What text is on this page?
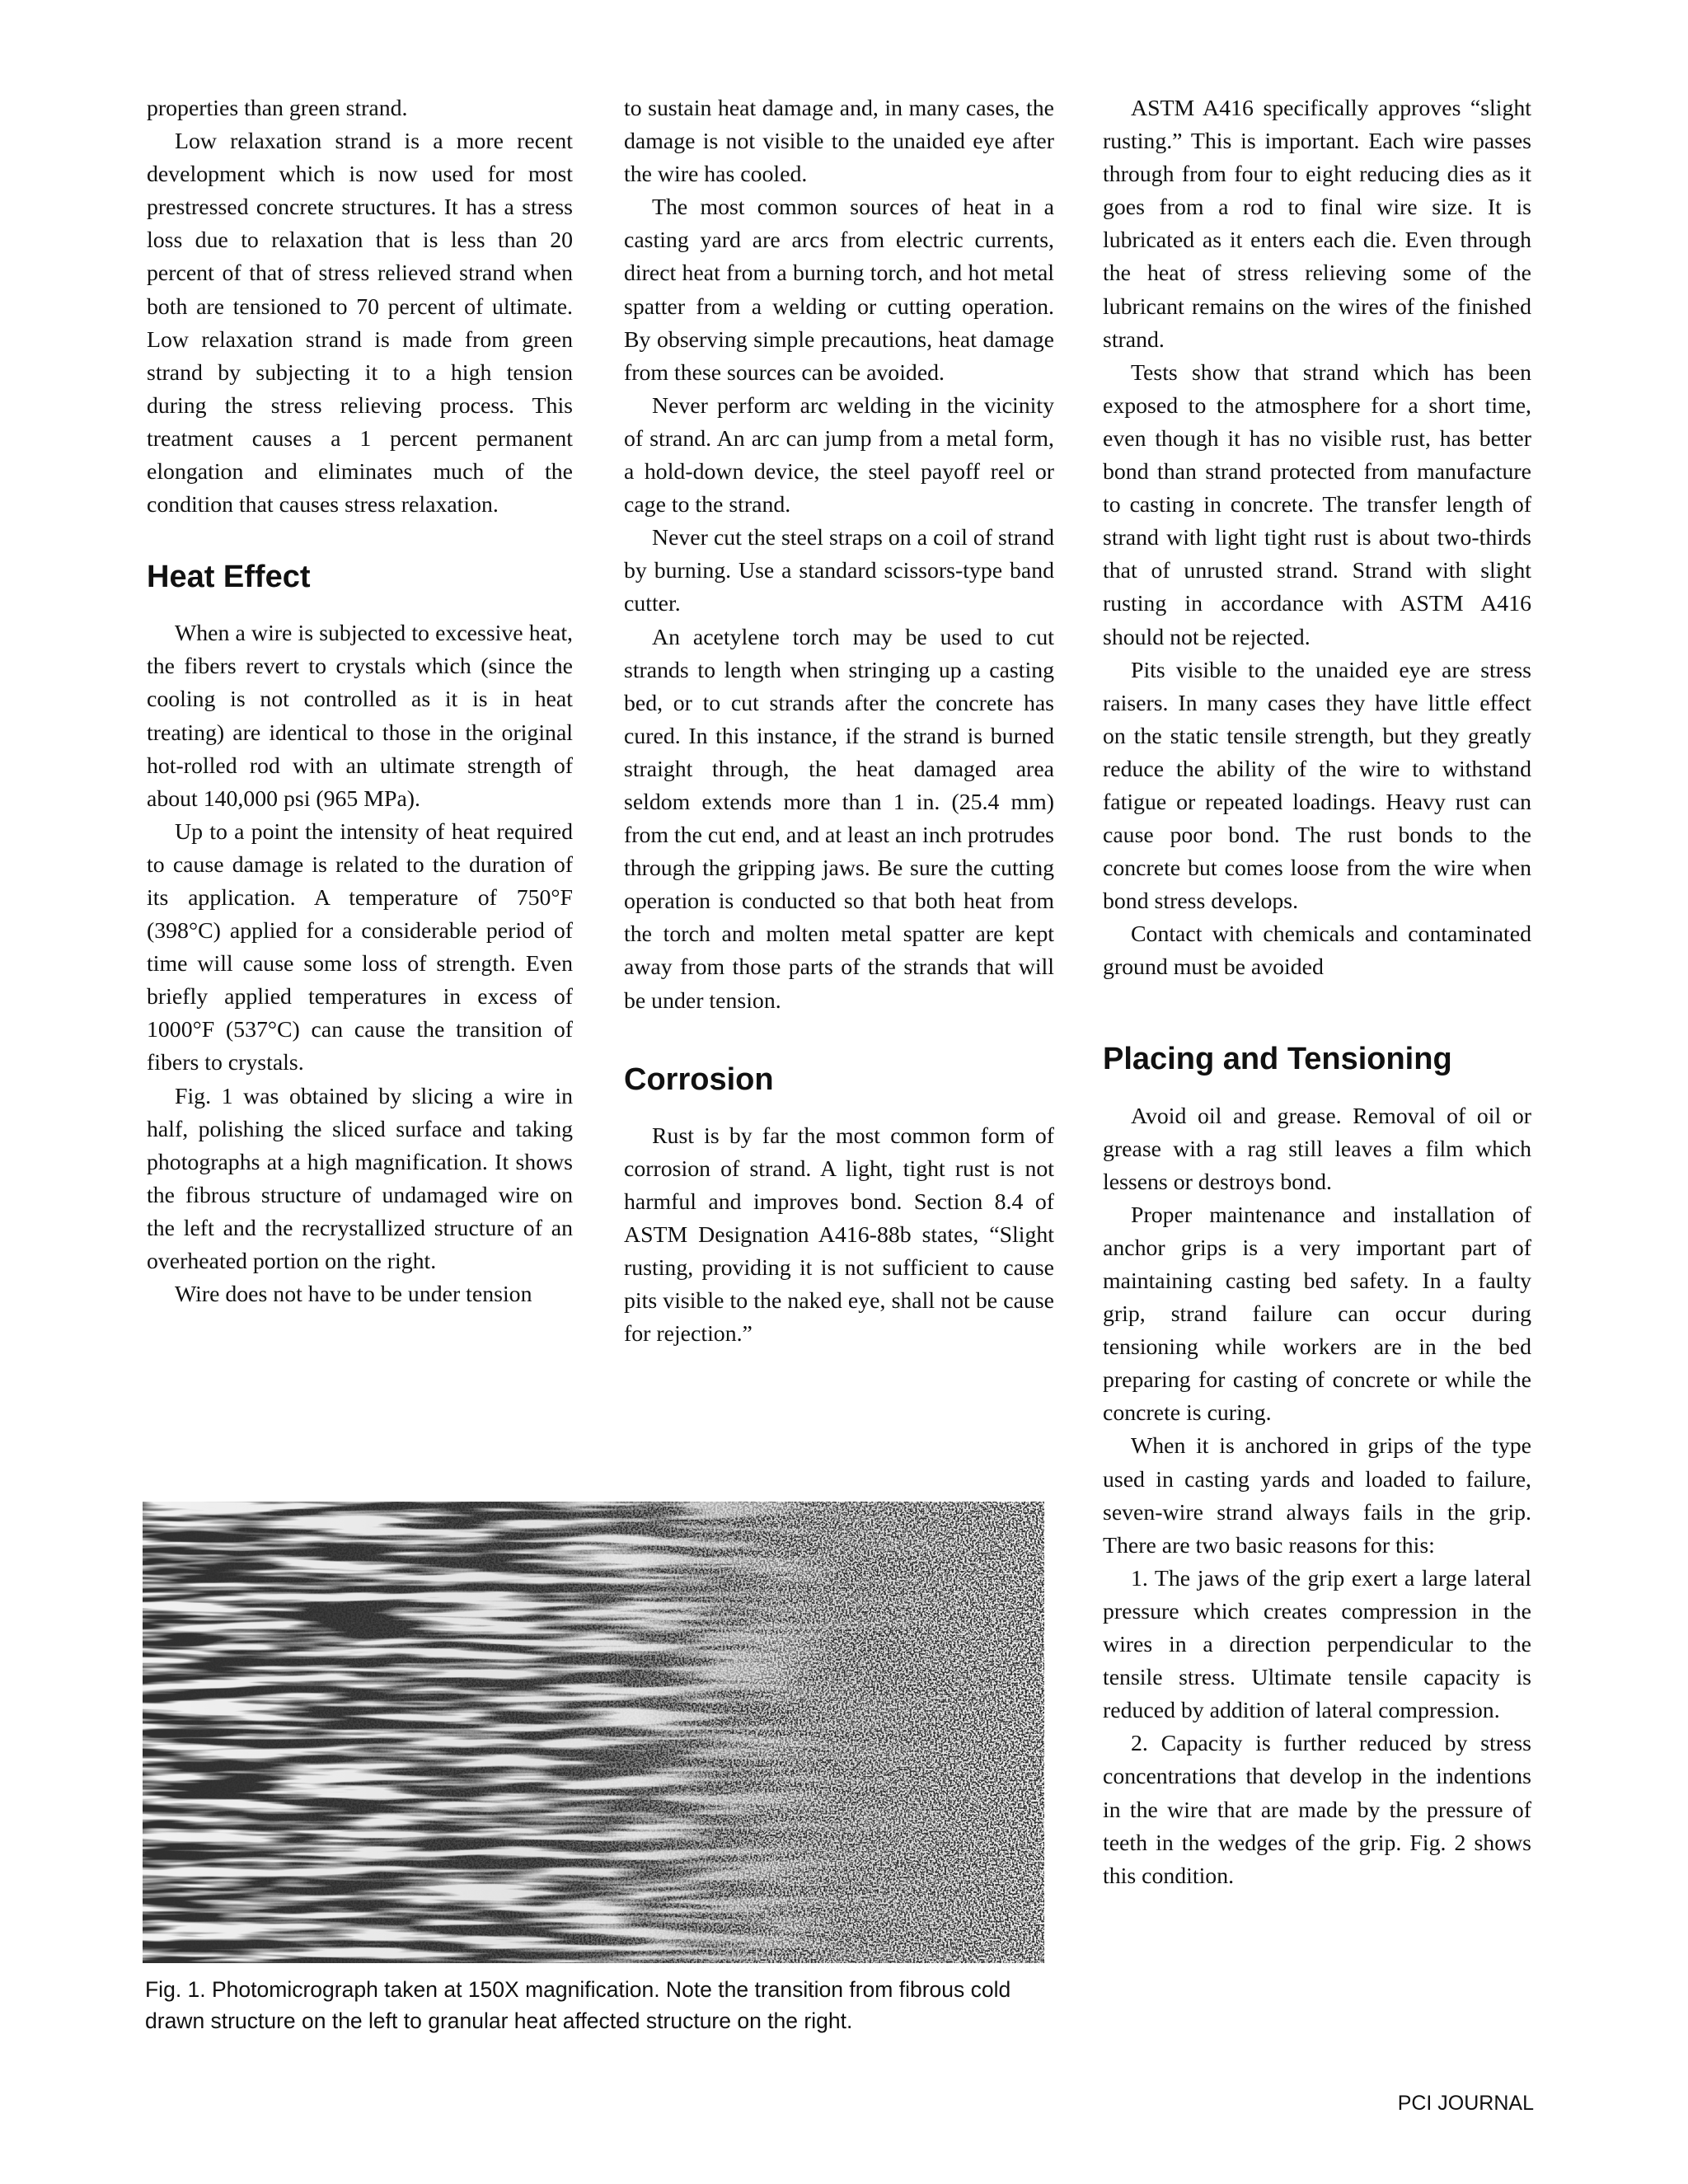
properties than green strand.

Low relaxation strand is a more recent development which is now used for most prestressed concrete structures. It has a stress loss due to relaxation that is less than 20 percent of that of stress relieved strand when both are tensioned to 70 percent of ultimate. Low relaxation strand is made from green strand by subjecting it to a high tension during the stress relieving process. This treatment causes a 1 percent permanent elongation and eliminates much of the condition that causes stress relaxation.

Heat Effect

When a wire is subjected to excessive heat, the fibers revert to crystals which (since the cooling is not controlled as it is in heat treating) are identical to those in the original hot-rolled rod with an ultimate strength of about 140,000 psi (965 MPa).

Up to a point the intensity of heat required to cause damage is related to the duration of its application. A temperature of 750°F (398°C) applied for a considerable period of time will cause some loss of strength. Even briefly applied temperatures in excess of 1000°F (537°C) can cause the transition of fibers to crystals.

Fig. 1 was obtained by slicing a wire in half, polishing the sliced surface and taking photographs at a high magnification. It shows the fibrous structure of undamaged wire on the left and the recrystallized structure of an overheated portion on the right.

Wire does not have to be under tension

to sustain heat damage and, in many cases, the damage is not visible to the unaided eye after the wire has cooled.

The most common sources of heat in a casting yard are arcs from electric currents, direct heat from a burning torch, and hot metal spatter from a welding or cutting operation. By observing simple precautions, heat damage from these sources can be avoided.

Never perform arc welding in the vicinity of strand. An arc can jump from a metal form, a hold-down device, the steel payoff reel or cage to the strand.

Never cut the steel straps on a coil of strand by burning. Use a standard scissors-type band cutter.

An acetylene torch may be used to cut strands to length when stringing up a casting bed, or to cut strands after the concrete has cured. In this instance, if the strand is burned straight through, the heat damaged area seldom extends more than 1 in. (25.4 mm) from the cut end, and at least an inch protrudes through the gripping jaws. Be sure the cutting operation is conducted so that both heat from the torch and molten metal spatter are kept away from those parts of the strands that will be under tension.

Corrosion

Rust is by far the most common form of corrosion of strand. A light, tight rust is not harmful and improves bond. Section 8.4 of ASTM Designation A416-88b states, “Slight rusting, providing it is not sufficient to cause pits visible to the naked eye, shall not be cause for rejection.”

ASTM A416 specifically approves “slight rusting.” This is important. Each wire passes through from four to eight reducing dies as it goes from a rod to final wire size. It is lubricated as it enters each die. Even through the heat of stress relieving some of the lubricant remains on the wires of the finished strand.

Tests show that strand which has been exposed to the atmosphere for a short time, even though it has no visible rust, has better bond than strand protected from manufacture to casting in concrete. The transfer length of strand with light tight rust is about two-thirds that of unrusted strand. Strand with slight rusting in accordance with ASTM A416 should not be rejected.

Pits visible to the unaided eye are stress raisers. In many cases they have little effect on the static tensile strength, but they greatly reduce the ability of the wire to withstand fatigue or repeated loadings. Heavy rust can cause poor bond. The rust bonds to the concrete but comes loose from the wire when bond stress develops.

Contact with chemicals and contaminated ground must be avoided

Placing and Tensioning

Avoid oil and grease. Removal of oil or grease with a rag still leaves a film which lessens or destroys bond.

Proper maintenance and installation of anchor grips is a very important part of maintaining casting bed safety. In a faulty grip, strand failure can occur during tensioning while workers are in the bed preparing for casting of concrete or while the concrete is curing.

When it is anchored in grips of the type used in casting yards and loaded to failure, seven-wire strand always fails in the grip. There are two basic reasons for this:

1. The jaws of the grip exert a large lateral pressure which creates compression in the wires in a direction perpendicular to the tensile stress. Ultimate tensile capacity is reduced by addition of lateral compression.

2. Capacity is further reduced by stress concentrations that develop in the indentions in the wire that are made by the pressure of teeth in the wedges of the grip. Fig. 2 shows this condition.

Fig. 1. Photomicrograph taken at 150X magnification. Note the transition from fibrous cold drawn structure on the left to granular heat affected structure on the right.

PCI JOURNAL
